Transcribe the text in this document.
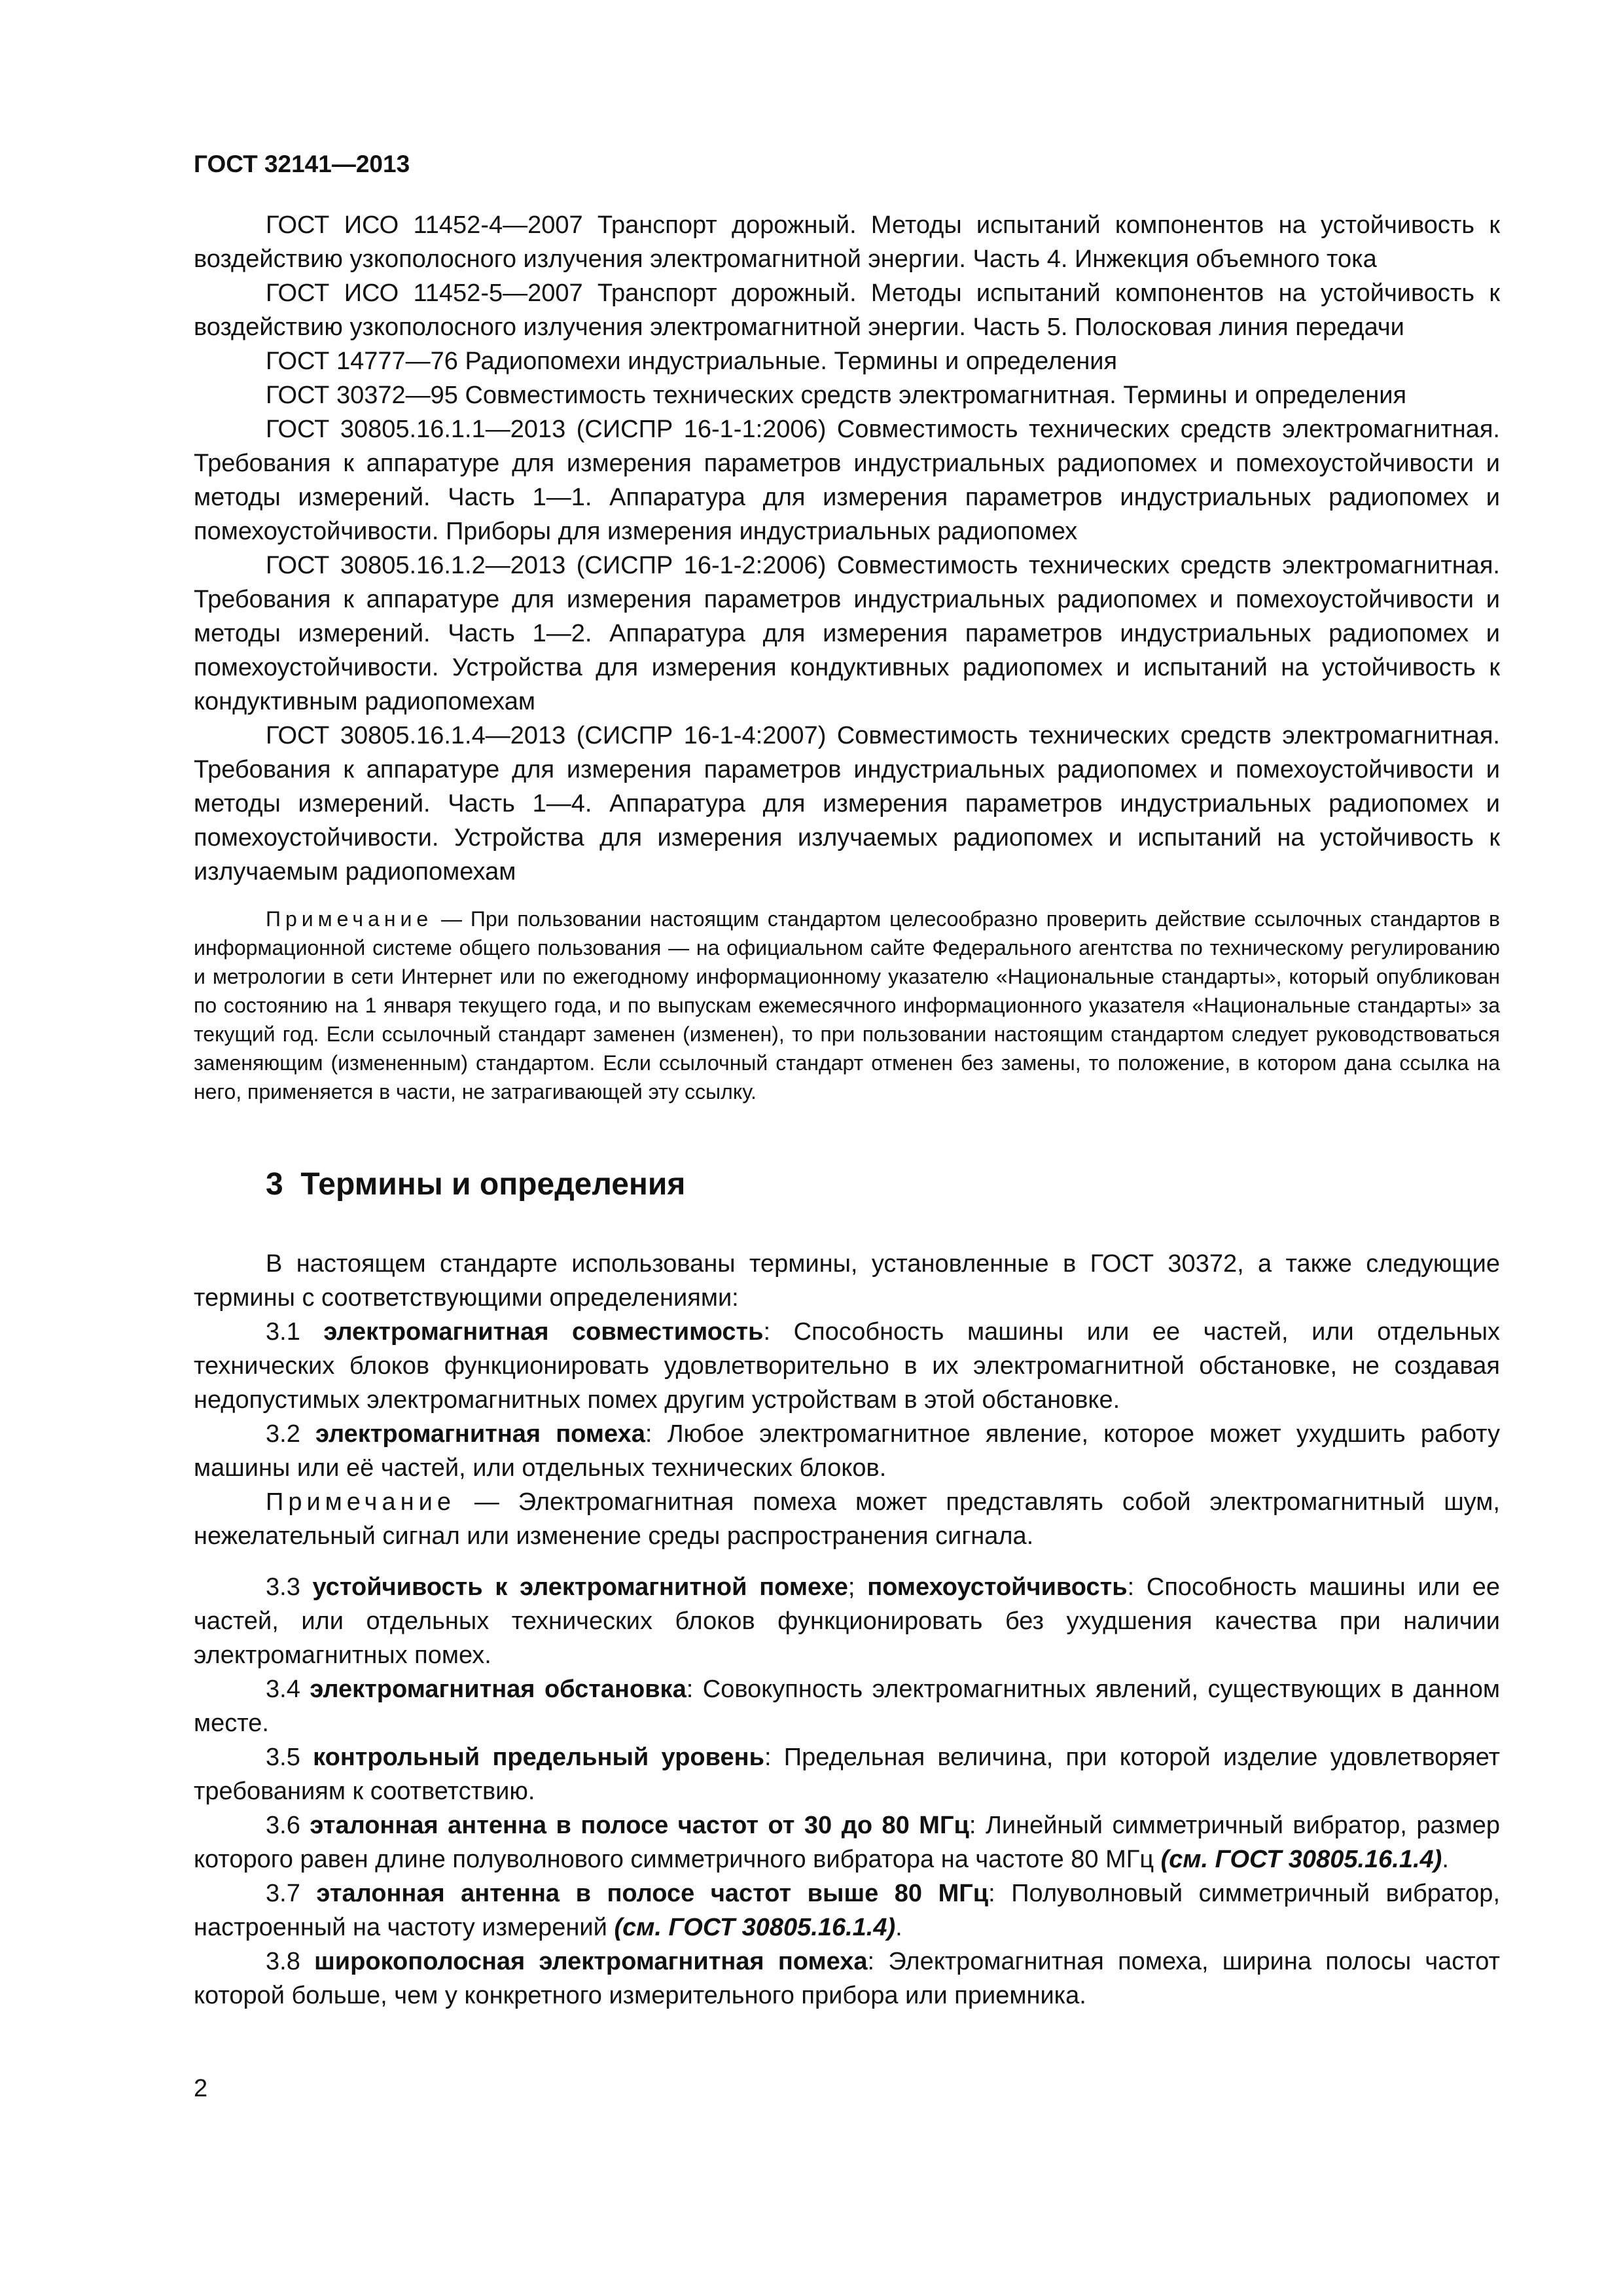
ГОСТ 32141—2013

ГОСТ ИСО 11452-4—2007 Транспорт дорожный. Методы испытаний компонентов на устойчивость к воздействию узкополосного излучения электромагнитной энергии. Часть 4. Инжекция объемного тока

ГОСТ ИСО 11452-5—2007 Транспорт дорожный. Методы испытаний компонентов на устойчивость к воздействию узкополосного излучения электромагнитной энергии. Часть 5. Полосковая линия передачи

ГОСТ 14777—76 Радиопомехи индустриальные. Термины и определения

ГОСТ 30372—95 Совместимость технических средств электромагнитная. Термины и определения

ГОСТ 30805.16.1.1—2013 (СИСПР 16-1-1:2006) Совместимость технических средств электромагнитная. Требования к аппаратуре для измерения параметров индустриальных радиопомех и помехоустойчивости и методы измерений. Часть 1—1. Аппаратура для измерения параметров индустриальных радиопомех и помехоустойчивости. Приборы для измерения индустриальных радиопомех

ГОСТ 30805.16.1.2—2013 (СИСПР 16-1-2:2006) Совместимость технических средств электромагнитная. Требования к аппаратуре для измерения параметров индустриальных радиопомех и помехоустойчивости и методы измерений. Часть 1—2. Аппаратура для измерения параметров индустриальных радиопомех и помехоустойчивости. Устройства для измерения кондуктивных радиопомех и испытаний на устойчивость к кондуктивным радиопомехам

ГОСТ 30805.16.1.4—2013 (СИСПР 16-1-4:2007) Совместимость технических средств электромагнитная. Требования к аппаратуре для измерения параметров индустриальных радиопомех и помехоустойчивости и методы измерений. Часть 1—4. Аппаратура для измерения параметров индустриальных радиопомех и помехоустойчивости. Устройства для измерения излучаемых радиопомех и испытаний на устойчивость к излучаемым радиопомехам

Примечание — При пользовании настоящим стандартом целесообразно проверить действие ссылочных стандартов в информационной системе общего пользования — на официальном сайте Федерального агентства по техническому регулированию и метрологии в сети Интернет или по ежегодному информационному указателю «Национальные стандарты», который опубликован по состоянию на 1 января текущего года, и по выпускам ежемесячного информационного указателя «Национальные стандарты» за текущий год. Если ссылочный стандарт заменен (изменен), то при пользовании настоящим стандартом следует руководствоваться заменяющим (измененным) стандартом. Если ссылочный стандарт отменен без замены, то положение, в котором дана ссылка на него, применяется в части, не затрагивающей эту ссылку.

3 Термины и определения

В настоящем стандарте использованы термины, установленные в ГОСТ 30372, а также следующие термины с соответствующими определениями:

3.1 электромагнитная совместимость: Способность машины или ее частей, или отдельных технических блоков функционировать удовлетворительно в их электромагнитной обстановке, не создавая недопустимых электромагнитных помех другим устройствам в этой обстановке.

3.2 электромагнитная помеха: Любое электромагнитное явление, которое может ухудшить работу машины или её частей, или отдельных технических блоков.

Примечание — Электромагнитная помеха может представлять собой электромагнитный шум, нежелательный сигнал или изменение среды распространения сигнала.

3.3 устойчивость к электромагнитной помехе; помехоустойчивость: Способность машины или ее частей, или отдельных технических блоков функционировать без ухудшения качества при наличии электромагнитных помех.

3.4 электромагнитная обстановка: Совокупность электромагнитных явлений, существующих в данном месте.

3.5 контрольный предельный уровень: Предельная величина, при которой изделие удовлетворяет требованиям к соответствию.

3.6 эталонная антенна в полосе частот от 30 до 80 МГц: Линейный симметричный вибратор, размер которого равен длине полуволнового симметричного вибратора на частоте 80 МГц (см. ГОСТ 30805.16.1.4).

3.7 эталонная антенна в полосе частот выше 80 МГц: Полуволновый симметричный вибратор, настроенный на частоту измерений (см. ГОСТ 30805.16.1.4).

3.8 широкополосная электромагнитная помеха: Электромагнитная помеха, ширина полосы частот которой больше, чем у конкретного измерительного прибора или приемника.

2
